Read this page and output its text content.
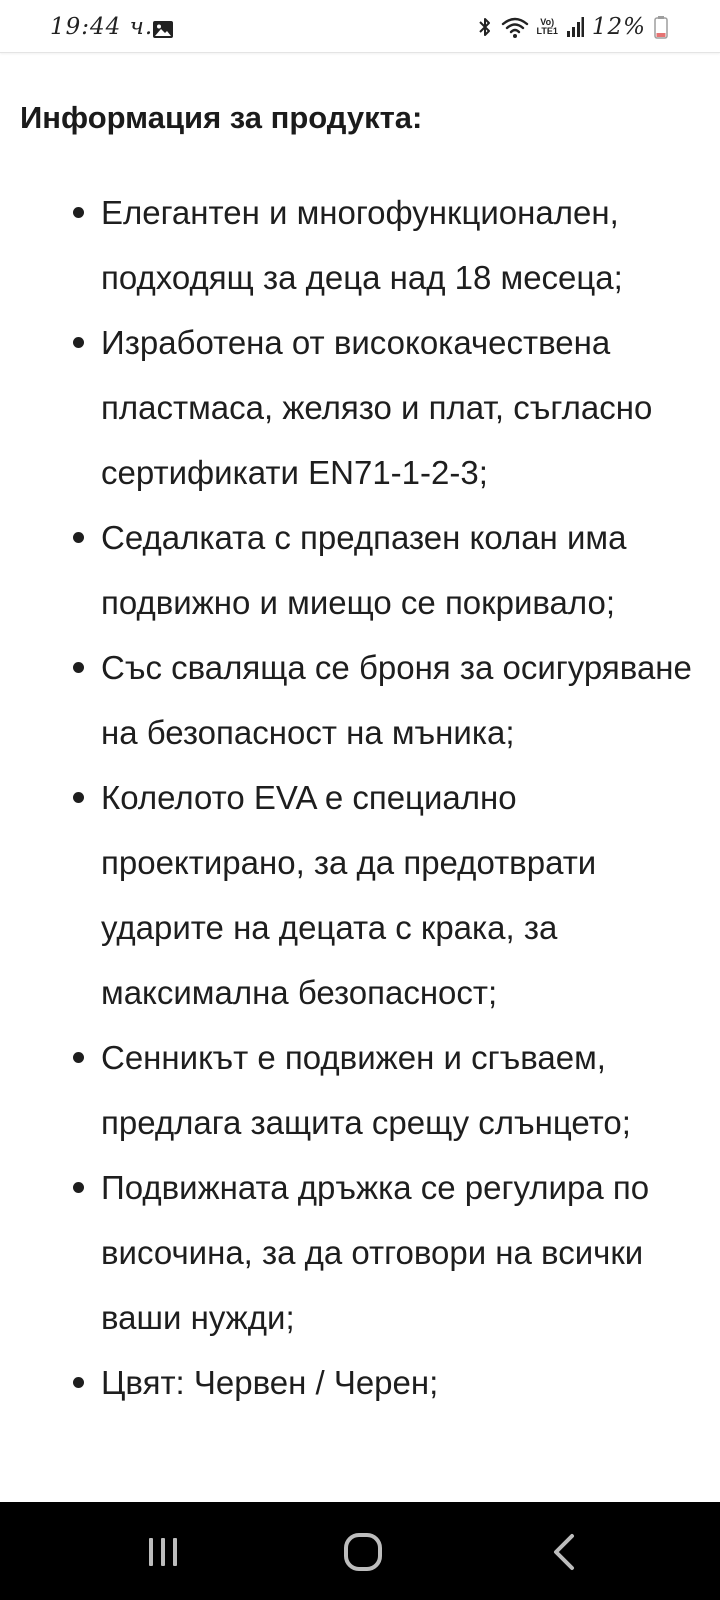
19:44 ч.	Vo)
LTE1 12%
Информация за продукта:
Елегантен и многофункционален, подходящ за деца над 18 месеца;
Изработена от висококачествена пластмаса, желязо и плат, съгласно сертификати EN71-1-2-3;
Седалката с предпазен колан има подвижно и миещо се покривало;
Със сваляща се броня за осигуряване на безопасност на мъника;
Колелото EVA е специално проектирано, за да предотврати ударите на децата с крака, за максимална безопасност;
Сенникът е подвижен и сгъваем, предлага защита срещу слънцето;
Подвижната дръжка се регулира по височина, за да отговори на всички ваши нужди;
Цвят: Червен / Черен;
